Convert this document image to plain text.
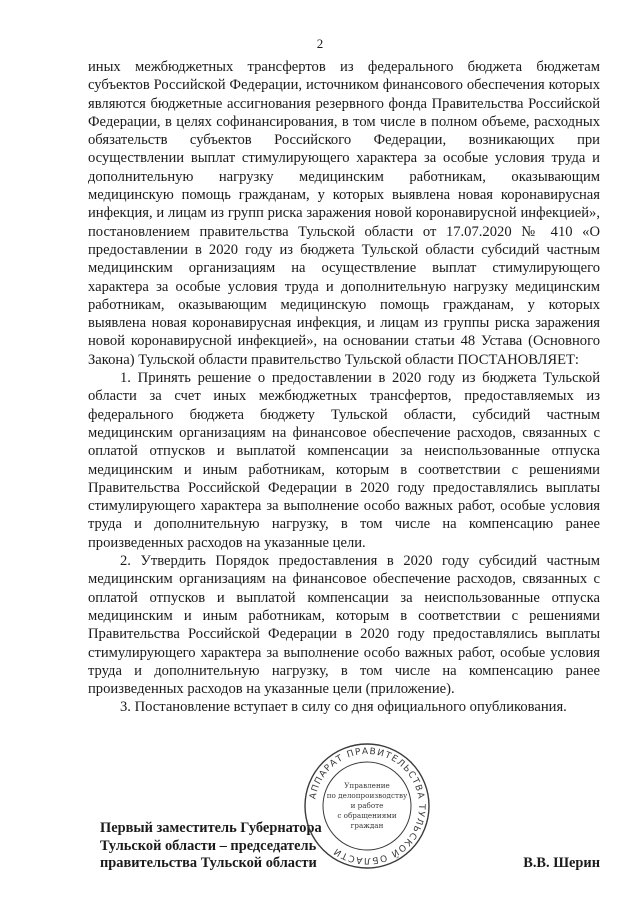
2

иных межбюджетных трансфертов из федерального бюджета бюджетам субъектов Российской Федерации, источником финансового обеспечения которых являются бюджетные ассигнования резервного фонда Правительства Российской Федерации, в целях софинансирования, в том числе в полном объеме, расходных обязательств субъектов Российского Федерации, возникающих при осуществлении выплат стимулирующего характера за особые условия труда и дополнительную нагрузку медицинским работникам, оказывающим медицинскую помощь гражданам, у которых выявлена новая коронавирусная инфекция, и лицам из групп риска заражения новой коронавирусной инфекцией», постановлением правительства Тульской области от 17.07.2020 № 410 «О предоставлении в 2020 году из бюджета Тульской области субсидий частным медицинским организациям на осуществление выплат стимулирующего характера за особые условия труда и дополнительную нагрузку медицинским работникам, оказывающим медицинскую помощь гражданам, у которых выявлена новая коронавирусная инфекция, и лицам из группы риска заражения новой коронавирусной инфекцией», на основании статьи 48 Устава (Основного Закона) Тульской области правительство Тульской области ПОСТАНОВЛЯЕТ:

1. Принять решение о предоставлении в 2020 году из бюджета Тульской области за счет иных межбюджетных трансфертов, предоставляемых из федерального бюджета бюджету Тульской области, субсидий частным медицинским организациям на финансовое обеспечение расходов, связанных с оплатой отпусков и выплатой компенсации за неиспользованные отпуска медицинским и иным работникам, которым в соответствии с решениями Правительства Российской Федерации в 2020 году предоставлялись выплаты стимулирующего характера за выполнение особо важных работ, особые условия труда и дополнительную нагрузку, в том числе на компенсацию ранее произведенных расходов на указанные цели.

2. Утвердить Порядок предоставления в 2020 году субсидий частным медицинским организациям на финансовое обеспечение расходов, связанных с оплатой отпусков и выплатой компенсации за неиспользованные отпуска медицинским и иным работникам, которым в соответствии с решениями Правительства Российской Федерации в 2020 году предоставлялись выплаты стимулирующего характера за выполнение особо важных работ, особые условия труда и дополнительную нагрузку, в том числе на компенсацию ранее произведенных расходов на указанные цели (приложение).

3. Постановление вступает в силу со дня официального опубликования.

Первый заместитель Губернатора
Тульской области – председатель
правительства Тульской области	В.В. Шерин
АППАРАТ ПРАВИТЕЛЬСТВА ТУЛЬСКОЙ ОБЛАСТИ
Управление
по делопроизводству
и работе
с обращениями
граждан
